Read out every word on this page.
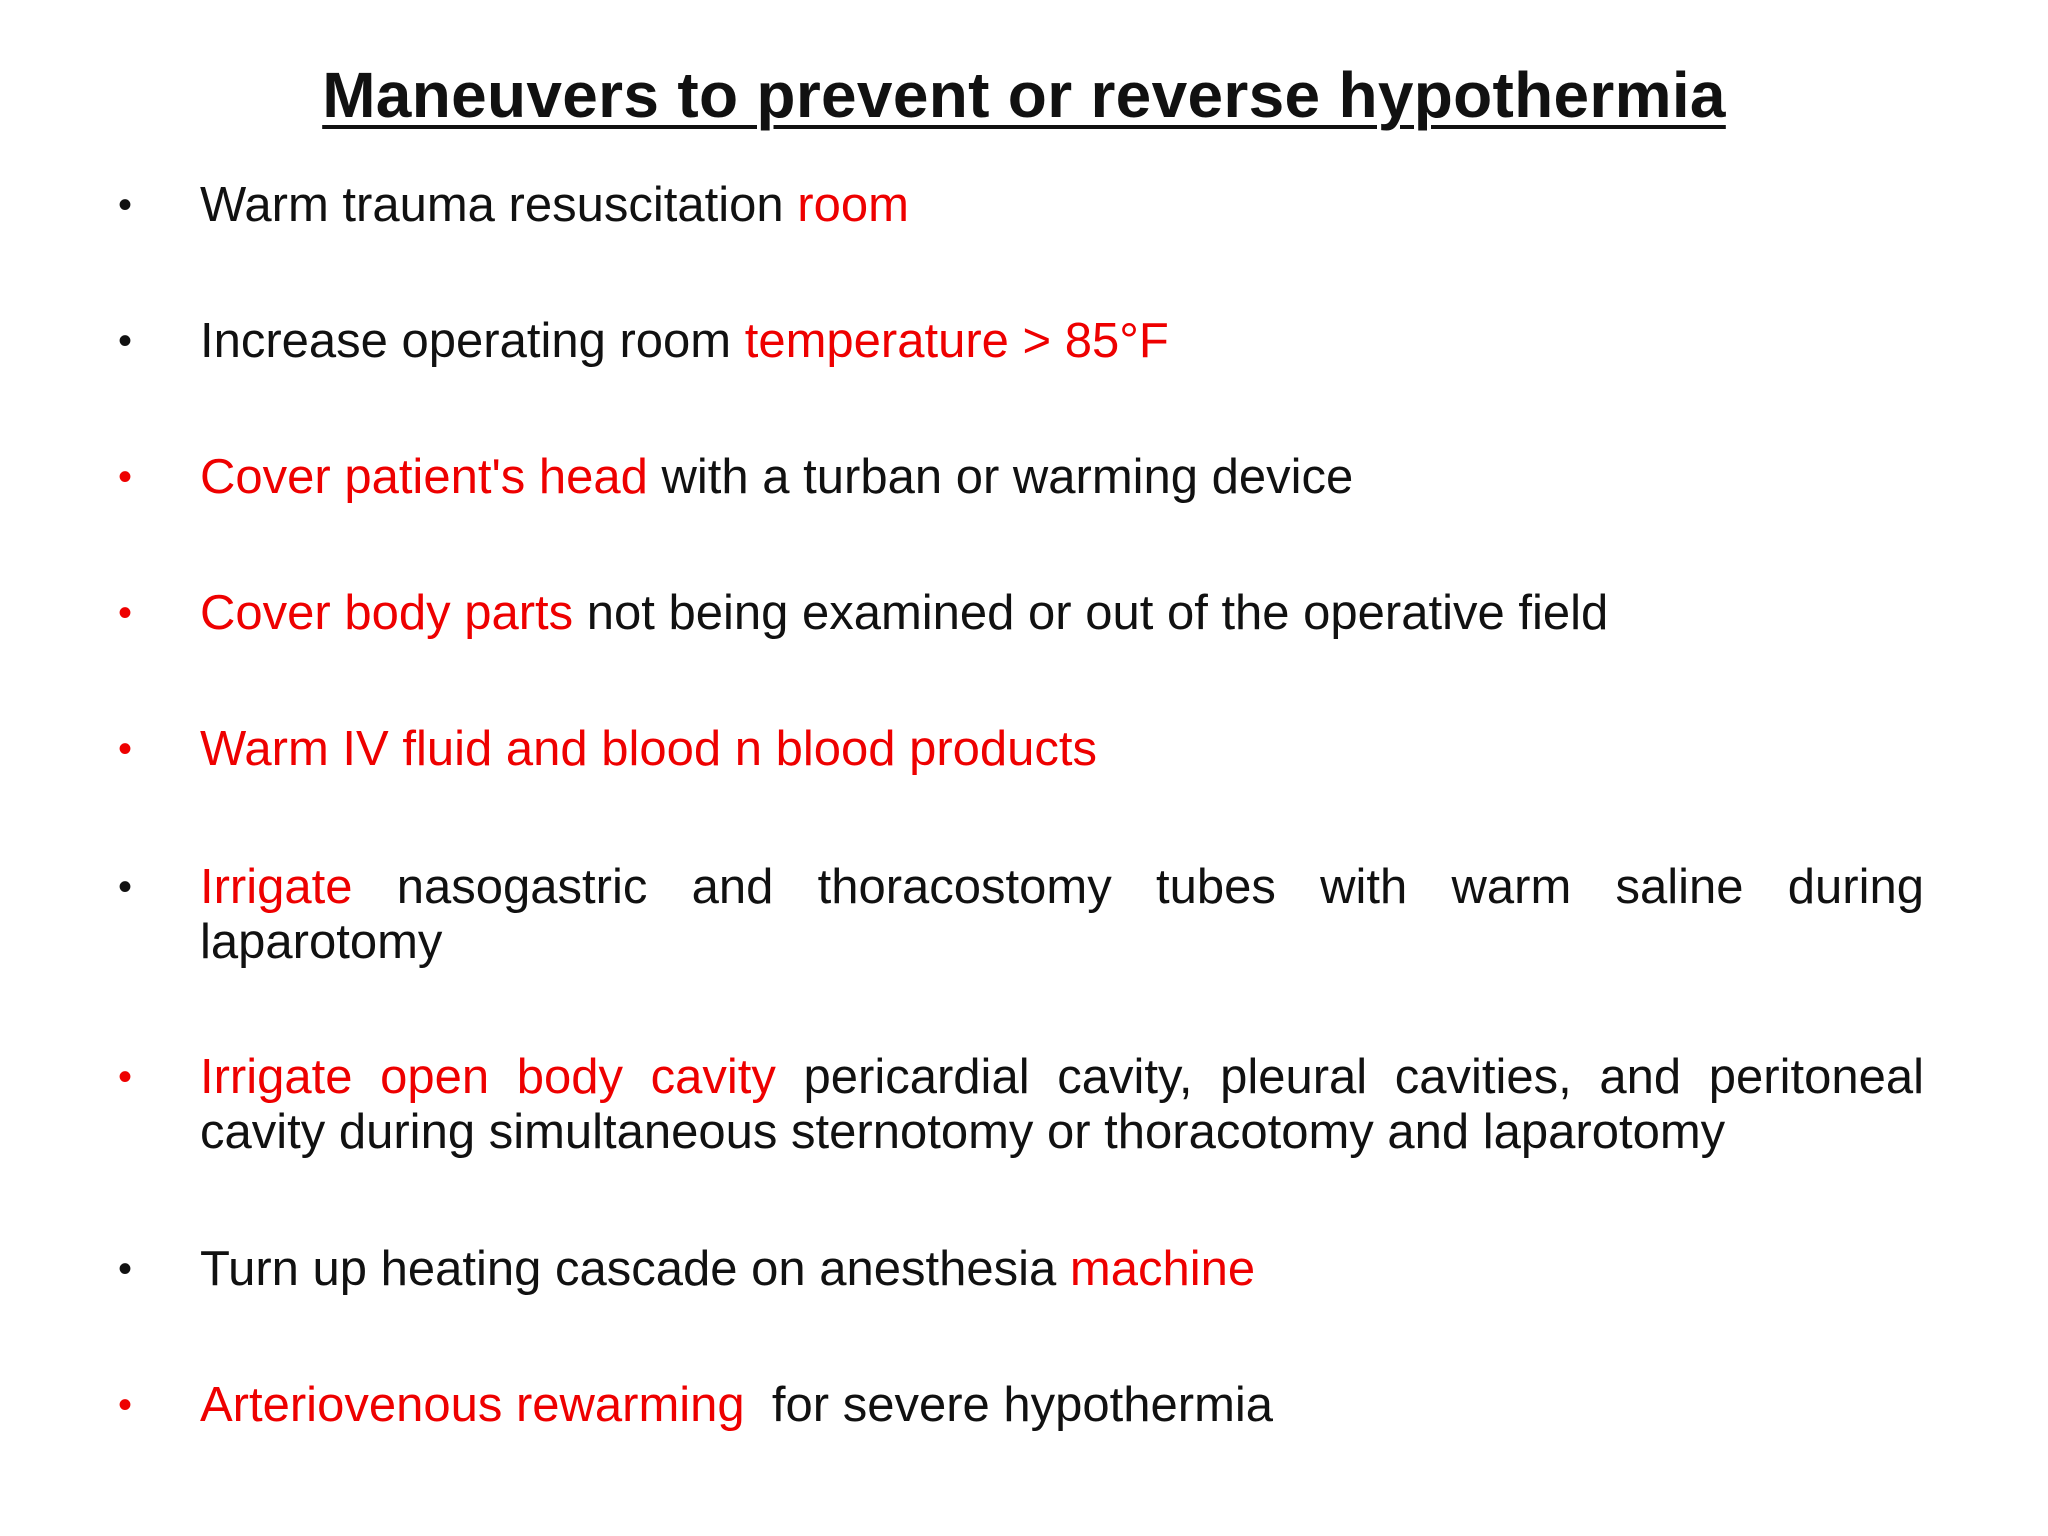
Maneuvers to prevent or reverse hypothermia
•	Warm trauma resuscitation room
•	Increase operating room temperature > 85°F
•	Cover patient's head with a turban or warming device
•	Cover body parts not being examined or out of the operative field
•	Warm IV fluid and blood n blood products
•	Irrigate nasogastric and thoracostomy tubes with warm saline during laparotomy
•	Irrigate open body cavity pericardial cavity, pleural cavities, and peritoneal cavity during simultaneous sternotomy or thoracotomy and laparotomy
•	Turn up heating cascade on anesthesia machine
•	Arteriovenous rewarming  for severe hypothermia
